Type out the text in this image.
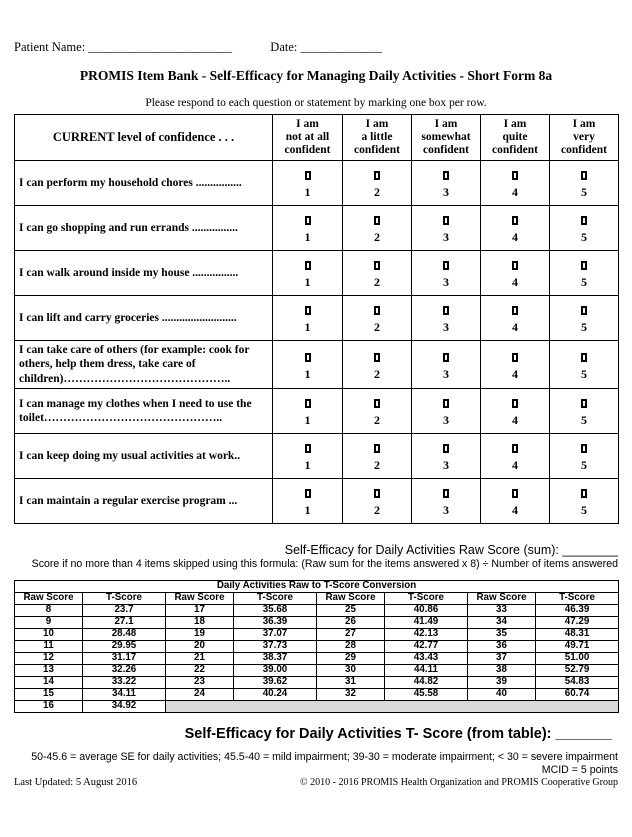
Patient Name: _______________________	Date: _____________
PROMIS Item Bank - Self-Efficacy for Managing Daily Activities - Short Form 8a
Please respond to each question or statement by marking one box per row.
CURRENT level of confidence . . .	
I am
not at all
confident

I am
a little
confident

I am
somewhat
confident

I am
quite
confident

I am
very
confident

I can perform my household chores ................	1	2	3	4	5

I can go shopping and run errands ................	1	2	3	4	5

I can walk around inside my house ................	1	2	3	4	5

I can lift and carry groceries ..........................	1	2	3	4	5

I can take care of others (for example: cook for others, help them dress, take care of children)……………………………………..	1	2	3	4	5

I can manage my clothes when I need to use the toilet………………………………………..	1	2	3	4	5

I can keep doing my usual activities at work..	1	2	3	4	5

I can maintain a regular exercise program ...	1	2	3	4	5
Self-Efficacy for Daily Activities Raw Score (sum): ________
Score if no more than 4 items skipped using this formula: (Raw sum for the items answered x 8) ÷ Number of items answered
Daily Activities Raw to T-Score Conversion							
Raw Score	T-Score	Raw Score	T-Score	Raw Score	T-Score	Raw Score	T-Score
8	23.7	17	35.68	25	40.86	33	46.39
9	27.1	18	36.39	26	41.49	34	47.29
10	28.48	19	37.07	27	42.13	35	48.31
11	29.95	20	37.73	28	42.77	36	49.71
12	31.17	21	38.37	29	43.43	37	51.00
13	32.26	22	39.00	30	44.11	38	52.79
14	33.22	23	39.62	31	44.82	39	54.83
15	34.11	24	40.24	32	45.58	40	60.74
16	34.92						
Self-Efficacy for Daily Activities T- Score (from table): _______
50-45.6 = average SE for daily activities; 45.5-40 = mild impairment; 39-30 = moderate impairment; < 30 = severe impairment
MCID = 5 points
Last Updated: 5 August 2016	© 2010 - 2016 PROMIS Health Organization and PROMIS Cooperative Group
